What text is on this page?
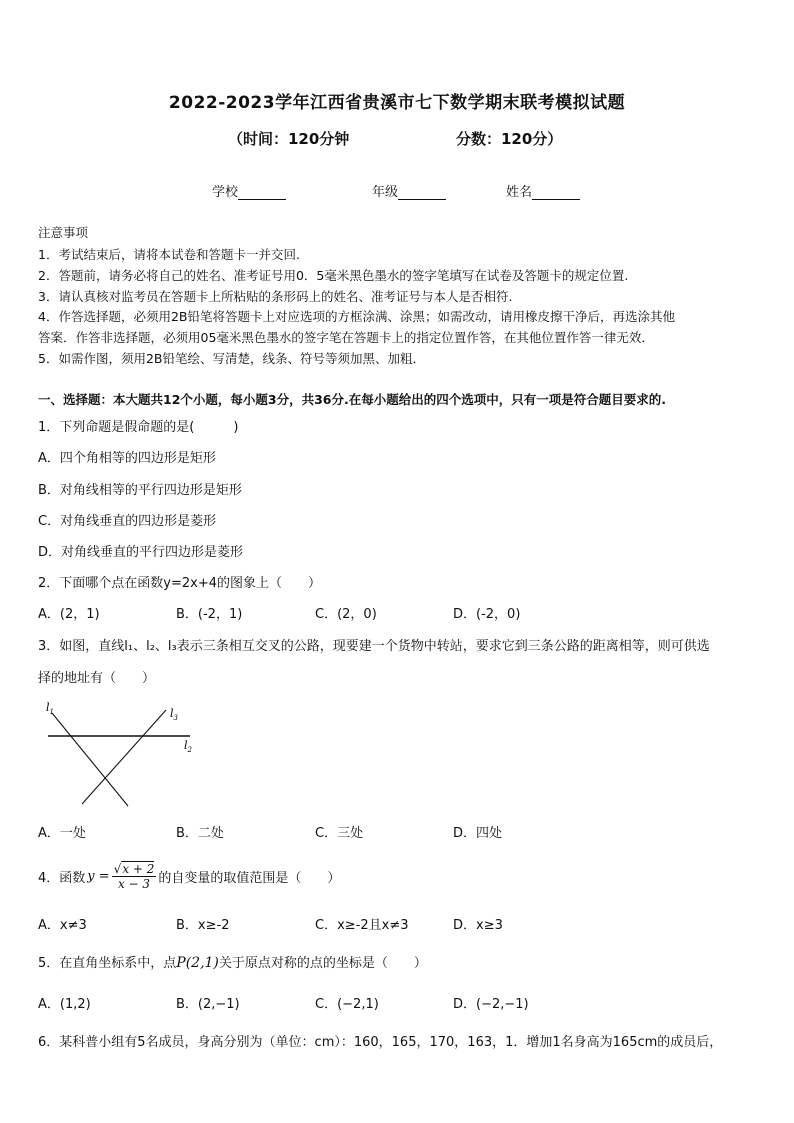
2022-2023学年江西省贵溪市七下数学期末联考模拟试题
（时间：120分钟	分数：120分）
学校	年级	姓名
注意事项
1．考试结束后，请将本试卷和答题卡一并交回.
2．答题前，请务必将自己的姓名、准考证号用0．5毫米黑色墨水的签字笔填写在试卷及答题卡的规定位置.
3．请认真核对监考员在答题卡上所粘贴的条形码上的姓名、准考证号与本人是否相符.
4．作答选择题，必须用2B铅笔将答题卡上对应选项的方框涂满、涂黑；如需改动，请用橡皮擦干净后，再选涂其他
答案．作答非选择题，必须用05毫米黑色墨水的签字笔在答题卡上的指定位置作答，在其他位置作答一律无效．
5．如需作图，须用2B铅笔绘、写清楚，线条、符号等须加黑、加粗．
一、选择题：本大题共12个小题，每小题3分，共36分.在每小题给出的四个选项中，只有一项是符合题目要求的.
1．下列命题是假命题的是(　　　)
A．四个角相等的四边形是矩形
B．对角线相等的平行四边形是矩形
C．对角线垂直的四边形是菱形
D．对角线垂直的平行四边形是菱形
2．下面哪个点在函数y=2x+4的图象上（　　）
A．(2，1)	B．(-2，1)	C．(2，0)	D．(-2，0)
3．如图，直线l₁、l₂、l₃表示三条相互交叉的公路，现要建一个货物中转站，要求它到三条公路的距离相等，则可供选
择的地址有（　　）
$l_1$	$l_3$
$l_2$
A．一处	B．二处	C．三处	D．四处
4．函数 $y = \frac{√x + 2}{x - 3}$ 的自变量的取值范围是（　　）
A．x≠3	B．x≥-2	C．x≥-2且x≠3	D．x≥3
5．在直角坐标系中，点P(2,1)关于原点对称的点的坐标是（　　）
A．(1,2)	B．(2,−1)	C．(−2,1)	D．(−2,−1)
6．某科普小组有5名成员，身高分别为（单位：cm）：160，165，170，163，1．增加1名身高为165cm的成员后，
